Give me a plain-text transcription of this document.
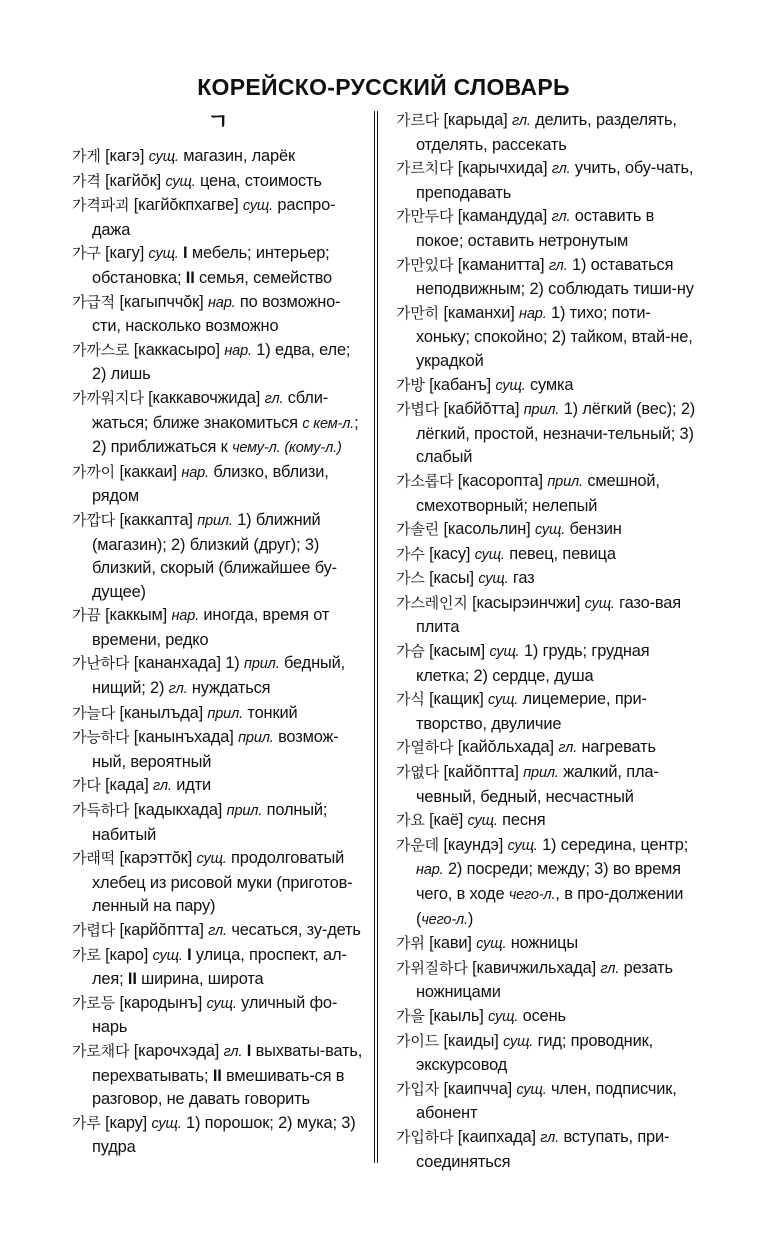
КОРЕЙСКО-РУССКИЙ СЛОВАРЬ
ㄱ

가게 [кагэ] сущ. магазин, ларёк

가격 [кагйŏк] сущ. цена, стоимость

가격파괴 [кагйŏкпхагве] сущ. распро-дажа

가구 [кагу] сущ. I мебель; интерьер; обстановка; II семья, семейство

가급적 [кагыпччŏк] нар. по возможно-сти, насколько возможно

가까스로 [каккасыро] нар. 1) едва, еле; 2) лишь

가까워지다 [каккавочжида] гл. сбли-жаться; ближе знакомиться с кем-л.; 2) приближаться к чему-л. (кому-л.)

가까이 [каккаи] нар. близко, вблизи, рядом

가깝다 [каккапта] прил. 1) ближний (магазин); 2) близкий (друг); 3) близкий, скорый (ближайшее бу-дущее)

가끔 [каккым] нар. иногда, время от времени, редко

가난하다 [кананхада] 1) прил. бедный, нищий; 2) гл. нуждаться

가늘다 [канылъда] прил. тонкий

가능하다 [канынъхада] прил. возмож-ный, вероятный

가다 [када] гл. идти

가득하다 [кадыкхада] прил. полный; набитый

가래떡 [карэттŏк] сущ. продолговатый хлебец из рисовой муки (приготов-ленный на пару)

가렵다 [карйŏптта] гл. чесаться, зу-деть

가로 [каро] сущ. I улица, проспект, ал-лея; II ширина, широта

가로등 [кародынъ] сущ. уличный фо-нарь

가로채다 [карочхэда] гл. I выхваты-вать, перехватывать; II вмешивать-ся в разговор, не давать говорить

가루 [кару] сущ. 1) порошок; 2) мука; 3) пудра

가르다 [карыда] гл. делить, разделять, отделять, рассекать

가르치다 [карычхида] гл. учить, обу-чать, преподавать

가만두다 [камандуда] гл. оставить в покое; оставить нетронутым

가만있다 [каманитта] гл. 1) оставаться неподвижным; 2) соблюдать тиши-ну

가만히 [каманхи] нар. 1) тихо; поти-хоньку; спокойно; 2) тайком, втай-не, украдкой

가방 [кабанъ] сущ. сумка

가볍다 [кабйŏтта] прил. 1) лёгкий (вес); 2) лёгкий, простой, незначи-тельный; 3) слабый

가소롭다 [касоропта] прил. смешной, смехотворный; нелепый

가솔린 [касольлин] сущ. бензин

가수 [касу] сущ. певец, певица

가스 [касы] сущ. газ

가스레인지 [касырэинчжи] сущ. газо-вая плита

가슴 [касым] сущ. 1) грудь; грудная клетка; 2) сердце, душа

가식 [кащик] сущ. лицемерие, при-творство, двуличие

가열하다 [кайŏльхада] гл. нагревать

가엾다 [кайŏптта] прил. жалкий, пла-чевный, бедный, несчастный

가요 [каё] сущ. песня

가운데 [каундэ] сущ. 1) середина, центр; нар. 2) посреди; между; 3) во время чего, в ходе чего-л., в про-должении (чего-л.)

가위 [кави] сущ. ножницы

가위질하다 [кавичжильхада] гл. резать ножницами

가을 [каыль] сущ. осень

가이드 [каиды] сущ. гид; проводник, экскурсовод

가입자 [каипчча] сущ. член, подписчик, абонент

가입하다 [каипхада] гл. вступать, при-соединяться
